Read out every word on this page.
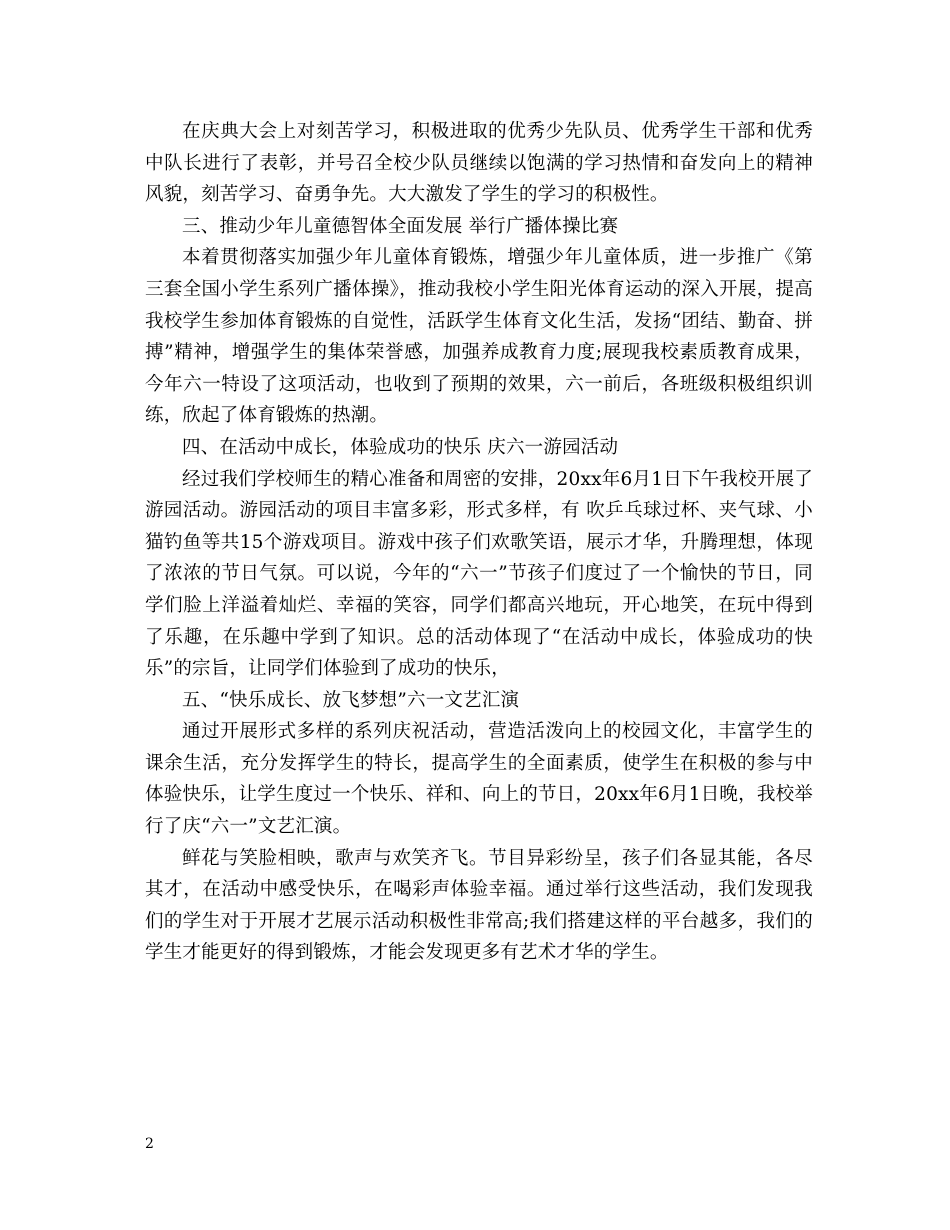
在庆典大会上对刻苦学习，积极进取的优秀少先队员、优秀学生干部和优秀中队长进行了表彰，并号召全校少队员继续以饱满的学习热情和奋发向上的精神风貌，刻苦学习、奋勇争先。大大激发了学生的学习的积极性。

三、推动少年儿童德智体全面发展 举行广播体操比赛

本着贯彻落实加强少年儿童体育锻炼，增强少年儿童体质，进一步推广《第三套全国小学生系列广播体操》，推动我校小学生阳光体育运动的深入开展，提高我校学生参加体育锻炼的自觉性，活跃学生体育文化生活，发扬“团结、勤奋、拼搏”精神，增强学生的集体荣誉感，加强养成教育力度;展现我校素质教育成果，今年六一特设了这项活动，也收到了预期的效果，六一前后，各班级积极组织训练，欣起了体育锻炼的热潮。

四、在活动中成长，体验成功的快乐 庆六一游园活动

经过我们学校师生的精心准备和周密的安排，20xx年6月1日下午我校开展了游园活动。游园活动的项目丰富多彩，形式多样，有 吹乒乓球过杯、夹气球、小猫钓鱼等共15个游戏项目。游戏中孩子们欢歌笑语，展示才华，升腾理想，体现了浓浓的节日气氛。可以说，今年的“六一”节孩子们度过了一个愉快的节日，同学们脸上洋溢着灿烂、幸福的笑容，同学们都高兴地玩，开心地笑，在玩中得到了乐趣，在乐趣中学到了知识。总的活动体现了“在活动中成长，体验成功的快乐”的宗旨，让同学们体验到了成功的快乐，

五、“快乐成长、放飞梦想”六一文艺汇演

通过开展形式多样的系列庆祝活动，营造活泼向上的校园文化，丰富学生的课余生活，充分发挥学生的特长，提高学生的全面素质，使学生在积极的参与中体验快乐，让学生度过一个快乐、祥和、向上的节日，20xx年6月1日晚，我校举行了庆“六一”文艺汇演。

鲜花与笑脸相映，歌声与欢笑齐飞。节目异彩纷呈，孩子们各显其能，各尽其才，在活动中感受快乐，在喝彩声体验幸福。通过举行这些活动，我们发现我们的学生对于开展才艺展示活动积极性非常高;我们搭建这样的平台越多，我们的学生才能更好的得到锻炼，才能会发现更多有艺术才华的学生。

2
